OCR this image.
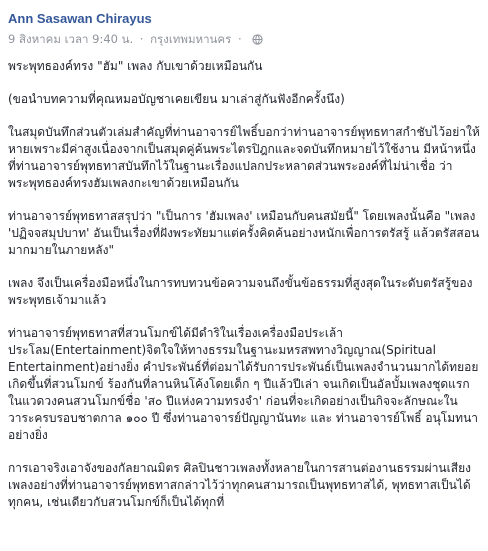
Ann Sasawan Chirayus
9 สิงหาคม เวลา 9:40 น. · กรุงเทพมหานคร ·

พระพุทธองค์ทรง "ฮัม" เพลง กับเขาด้วยเหมือนกัน

(ขอนำบทความที่คุณหมอบัญชาเคยเขียน มาเล่าสู่กันฟังอีกครั้งนึง)

ในสมุดบันทึกส่วนตัวเล่มสำคัญที่ท่านอาจารย์ไพธิ์บอกว่าท่านอาจารย์พุทธทาสกำชับไว้อย่าให้หายเพราะมีค่าสูงเนื่องจากเป็นสมุดคู่ค้นพระไตรปิฎกและจดบันทึกหมายไว้ใช้งาน มีหน้าหนึ่งที่ท่านอาจารย์พุทธทาสบันทึกไว้ในฐานะเรื่องแปลกประหลาดส่วนพระองค์ที่ไม่น่าเชื่อ ว่า พระพุทธองค์ทรงฮัมเพลงกะเขาด้วยเหมือนกัน

ท่านอาจารย์พุทธทาสสรุปว่า "เป็นการ 'ฮัมเพลง' เหมือนกับคนสมัยนี้" โดยเพลงนั้นคือ "เพลง 'ปฏิจจสมุปบาท' อันเป็นเรื่องที่ฝังพระทัยมาแต่ครั้งคิดค้นอย่างหนักเพื่อการตรัสรู้ แล้วตรัสสอนมากมายในภายหลัง"

เพลง จึงเป็นเครื่องมือหนึ่งในการทบทวนข้อความจนถึงขั้นข้อธรรมที่สูงสุดในระดับตรัสรู้ของพระพุทธเจ้ามาแล้ว

ท่านอาจารย์พุทธทาสที่สวนโมกข์ได้มีดำริในเรื่องเครื่องมือประเล้าประโลม(Entertainment)จิตใจให้ทางธรรมในฐานะมหรสพทางวิญญาณ(Spiritual Entertainment)อย่างยิ่ง คำประพันธ์ที่ต่อมาได้รับการประพันธ์เป็นเพลงจำนวนมากได้ทยอยเกิดขึ้นที่สวนโมกข์ ร้องกันที่ลานหินโค้งโดยเด็ก ๆ ปีแล้วปีเล่า จนเกิดเป็นอัลบั้มเพลงชุดแรกในแวดวงคนสวนโมกข์ชื่อ 'ส๐ ปีแห่งความทรงจำ' ก่อนที่จะเกิดอย่างเป็นกิจจะลักษณะในวาระครบรอบชาตกาล ๑๐๐ ปี ซึ่งท่านอาจารย์ปัญญานันทะ และ ท่านอาจารย์โพธิ์ อนุโมทนาอย่างยิ่ง

การเอาจริงเอาจังของกัลยาณมิตร ศิลปินชาวเพลงทั้งหลายในการสานต่องานธรรมผ่านเสียงเพลงอย่างที่ท่านอาจารย์พุทธทาสกล่าวไว้ว่าทุกคนสามารถเป็นพุทธทาสได้, พุทธทาสเป็นได้ทุกคน, เช่นเดียวกับสวนโมกข์ก็เป็นได้ทุกที่
